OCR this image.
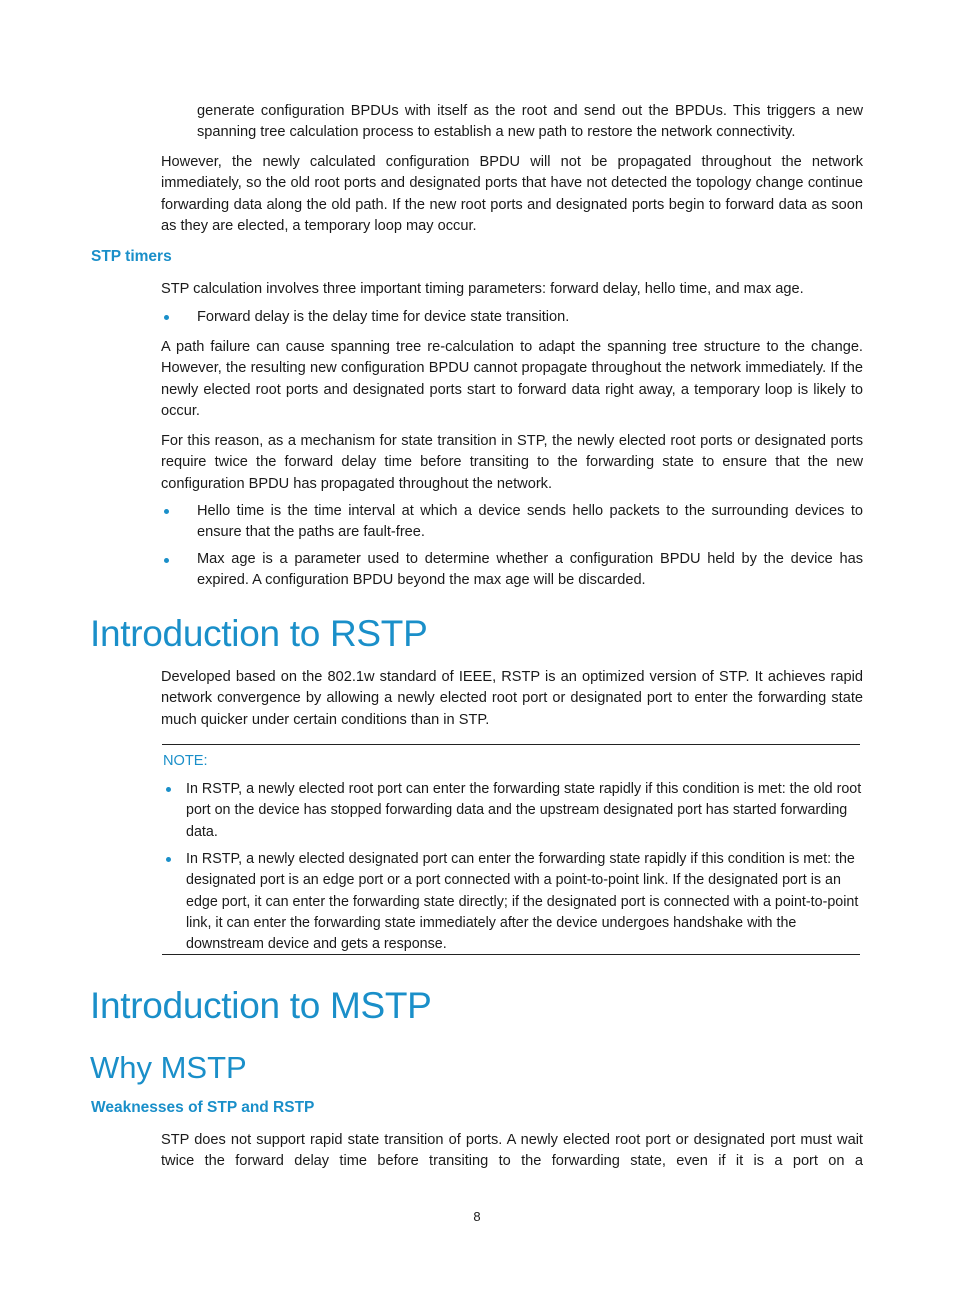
generate configuration BPDUs with itself as the root and send out the BPDUs. This triggers a new spanning tree calculation process to establish a new path to restore the network connectivity.

However, the newly calculated configuration BPDU will not be propagated throughout the network immediately, so the old root ports and designated ports that have not detected the topology change continue forwarding data along the old path. If the new root ports and designated ports begin to forward data as soon as they are elected, a temporary loop may occur.

STP timers

STP calculation involves three important timing parameters: forward delay, hello time, and max age.

Forward delay is the delay time for device state transition.

A path failure can cause spanning tree re-calculation to adapt the spanning tree structure to the change. However, the resulting new configuration BPDU cannot propagate throughout the network immediately. If the newly elected root ports and designated ports start to forward data right away, a temporary loop is likely to occur.

For this reason, as a mechanism for state transition in STP, the newly elected root ports or designated ports require twice the forward delay time before transiting to the forwarding state to ensure that the new configuration BPDU has propagated throughout the network.

Hello time is the time interval at which a device sends hello packets to the surrounding devices to ensure that the paths are fault-free.

Max age is a parameter used to determine whether a configuration BPDU held by the device has expired. A configuration BPDU beyond the max age will be discarded.

Introduction to RSTP

Developed based on the 802.1w standard of IEEE, RSTP is an optimized version of STP. It achieves rapid network convergence by allowing a newly elected root port or designated port to enter the forwarding state much quicker under certain conditions than in STP.

NOTE:

In RSTP, a newly elected root port can enter the forwarding state rapidly if this condition is met: the old root port on the device has stopped forwarding data and the upstream designated port has started forwarding data.

In RSTP, a newly elected designated port can enter the forwarding state rapidly if this condition is met: the designated port is an edge port or a port connected with a point-to-point link. If the designated port is an edge port, it can enter the forwarding state directly; if the designated port is connected with a point-to-point link, it can enter the forwarding state immediately after the device undergoes handshake with the downstream device and gets a response.

Introduction to MSTP
Why MSTP
Weaknesses of STP and RSTP

STP does not support rapid state transition of ports. A newly elected root port or designated port must wait twice the forward delay time before transiting to the forwarding state, even if it is a port on a

8
